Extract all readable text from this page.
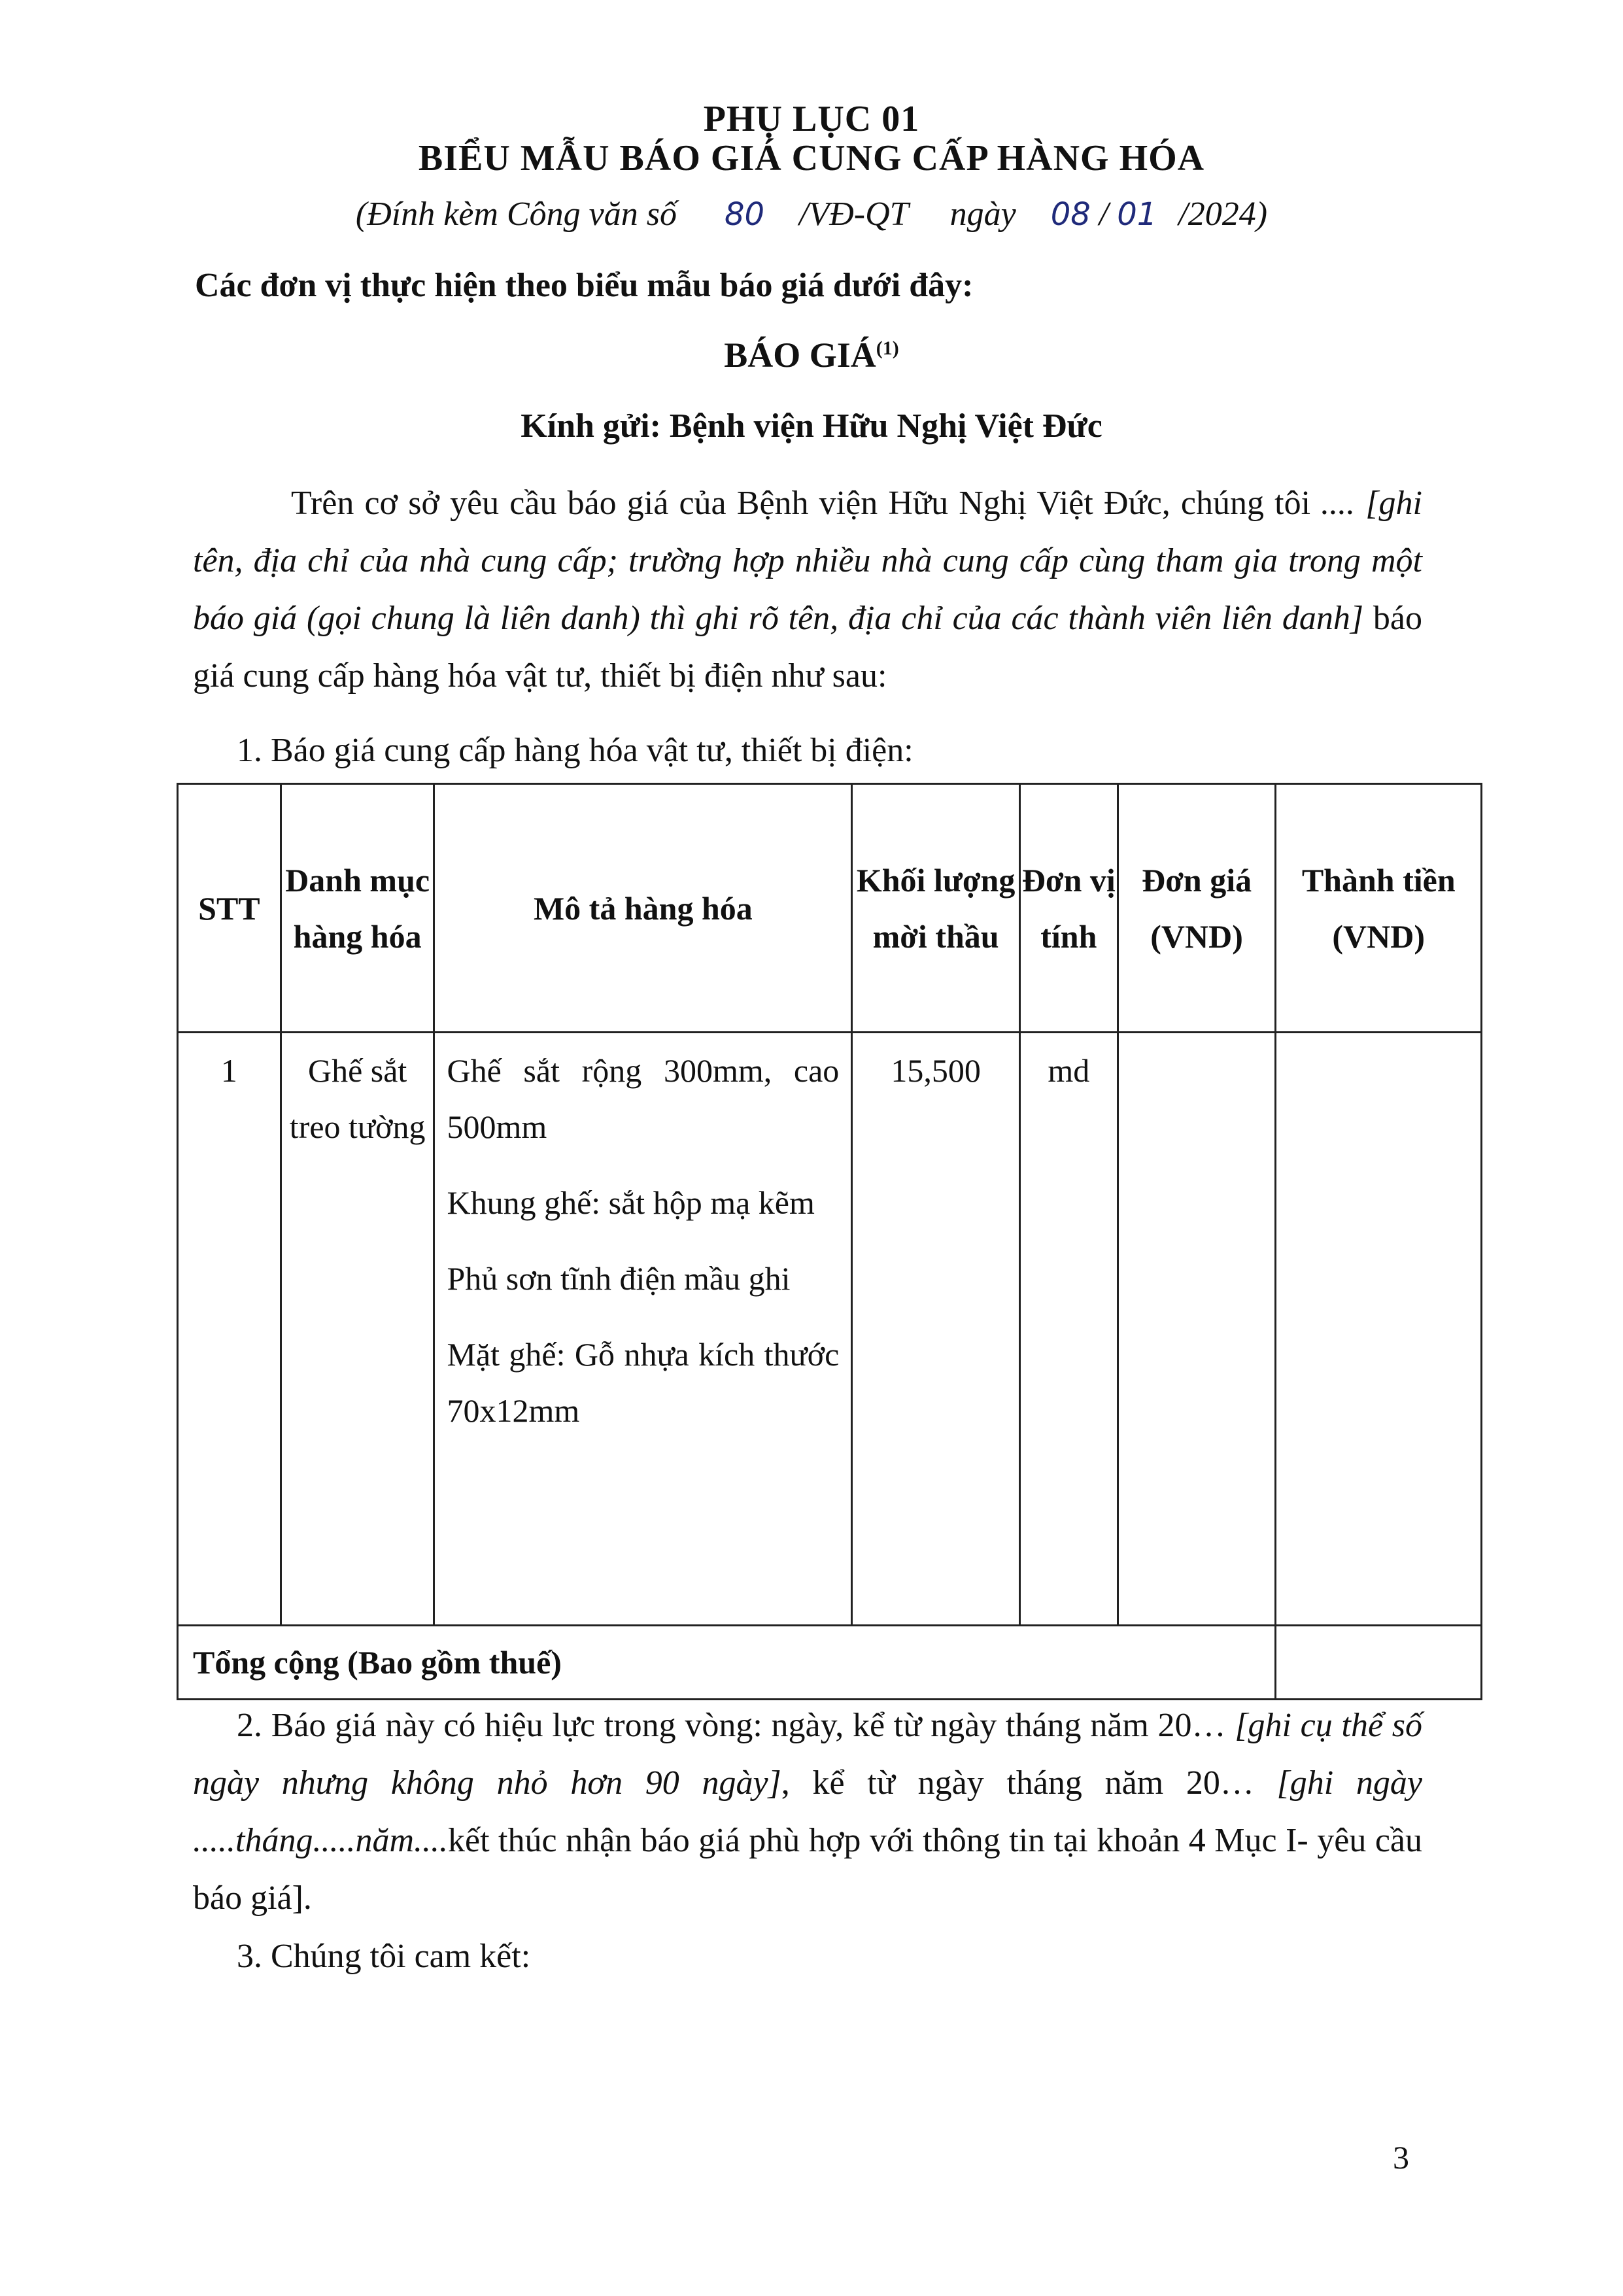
PHỤ LỤC 01
BIỂU MẪU BÁO GIÁ CUNG CẤP HÀNG HÓA
(Đính kèm Công văn số 80 /VĐ-QT ngày 08 / 01 /2024)
Các đơn vị thực hiện theo biểu mẫu báo giá dưới đây:
BÁO GIÁ$^{(1)}$
Kính gửi: Bệnh viện Hữu Nghị Việt Đức
Trên cơ sở yêu cầu báo giá của Bệnh viện Hữu Nghị Việt Đức, chúng tôi .... [ghi tên, địa chỉ của nhà cung cấp; trường hợp nhiều nhà cung cấp cùng tham gia trong một báo giá (gọi chung là liên danh) thì ghi rõ tên, địa chỉ của các thành viên liên danh] báo giá cung cấp hàng hóa vật tư, thiết bị điện như sau:
1. Báo giá cung cấp hàng hóa vật tư, thiết bị điện:
STT	Danh mục hàng hóa	Mô tả hàng hóa	Khối lượng mời thầu	Đơn vị tính	Đơn giá (VND)	Thành tiền (VND)
1	Ghế sắt treo tường	Ghế sắt rộng 300mm, cao 500mm

Khung ghế: sắt hộp mạ kẽm

Phủ sơn tĩnh điện mầu ghi

Mặt ghế: Gỗ nhựa kích thước 70x12mm	15,500	md		
Tổng cộng (Bao gồm thuế)						
2. Báo giá này có hiệu lực trong vòng: ngày, kể từ ngày tháng năm 20… [ghi cụ thể số ngày nhưng không nhỏ hơn 90 ngày], kể từ ngày tháng năm 20… [ghi ngày .....tháng.....năm....kết thúc nhận báo giá phù hợp với thông tin tại khoản 4 Mục I- yêu cầu báo giá].
3. Chúng tôi cam kết:
3
